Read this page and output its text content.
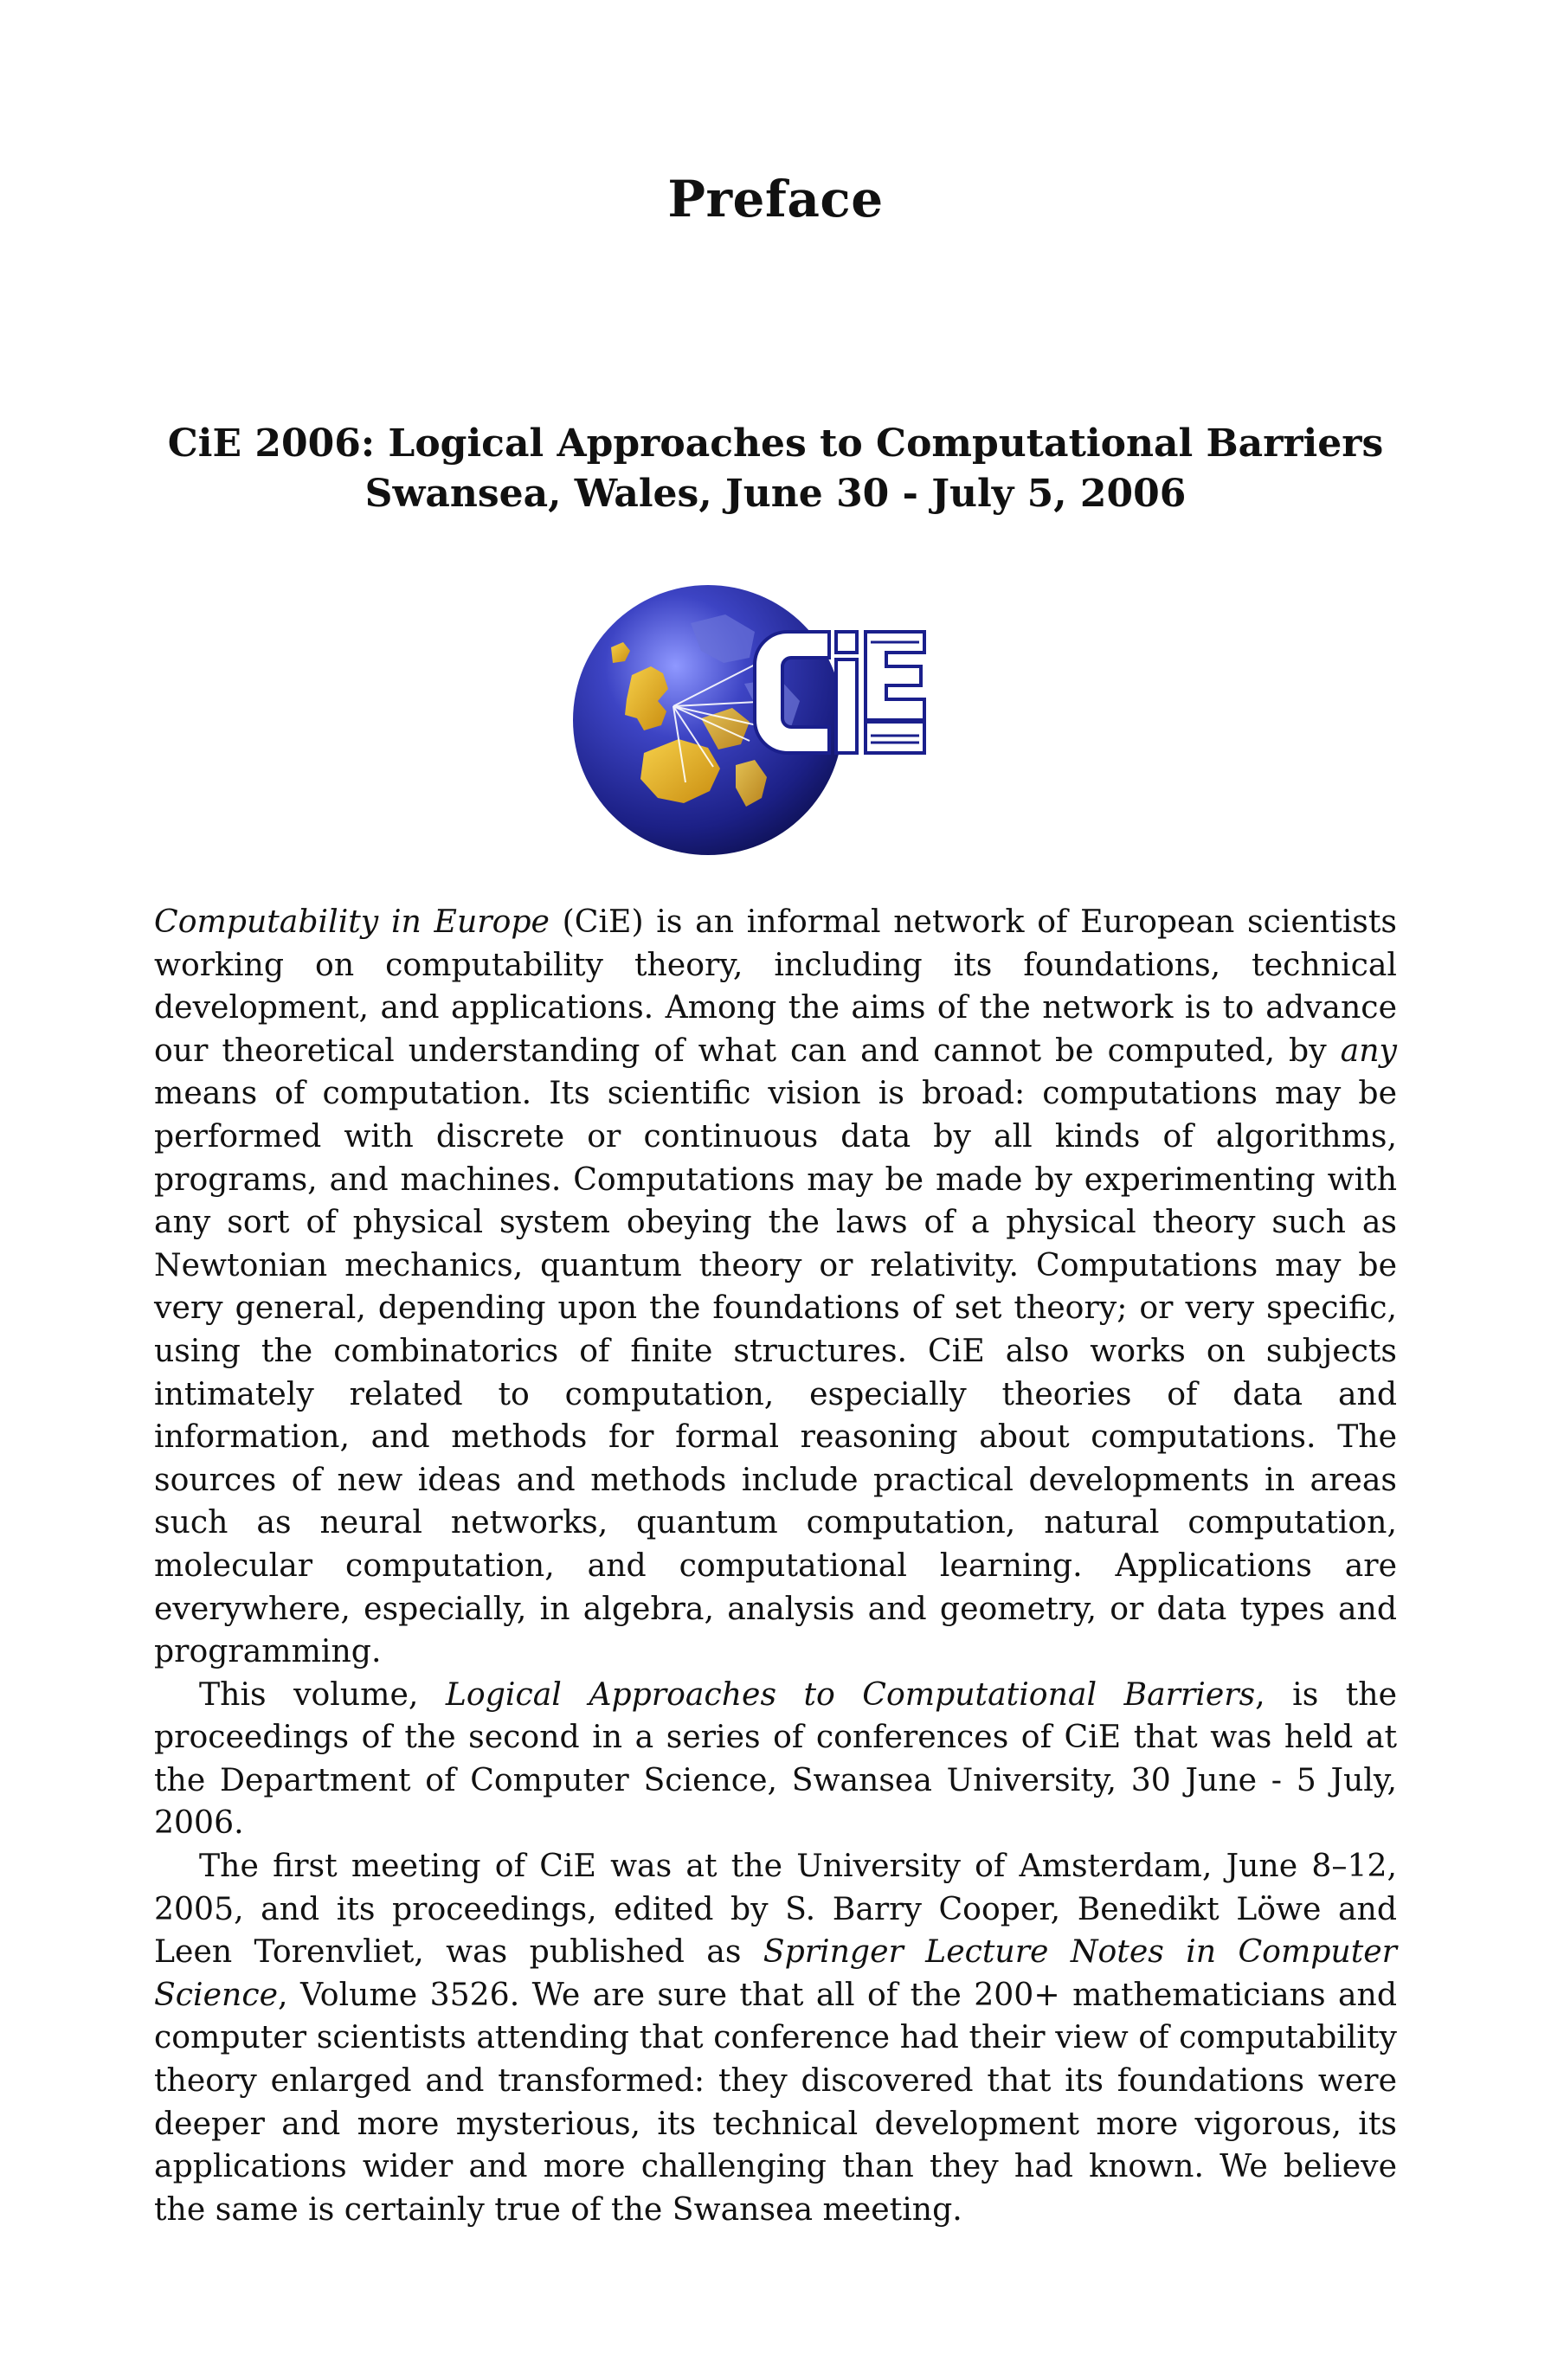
Preface
CiE 2006: Logical Approaches to Computational Barriers
Swansea, Wales, June 30 - July 5, 2006

Computability in Europe (CiE) is an informal network of European scientists working on computability theory, including its foundations, technical development, and applications. Among the aims of the network is to advance our theoretical understanding of what can and cannot be computed, by any means of computation. Its scientific vision is broad: computations may be performed with discrete or continuous data by all kinds of algorithms, programs, and machines. Computations may be made by experimenting with any sort of physical system obeying the laws of a physical theory such as Newtonian mechanics, quantum theory or relativity. Computations may be very general, depending upon the foundations of set theory; or very specific, using the combinatorics of finite structures. CiE also works on subjects intimately related to computation, especially theories of data and information, and methods for formal reasoning about computations. The sources of new ideas and methods include practical developments in areas such as neural networks, quantum computation, natural computation, molecular computation, and computational learning. Applications are everywhere, especially, in algebra, analysis and geometry, or data types and programming.

This volume, Logical Approaches to Computational Barriers, is the proceedings of the second in a series of conferences of CiE that was held at the Department of Computer Science, Swansea University, 30 June - 5 July, 2006.

The first meeting of CiE was at the University of Amsterdam, June 8–12, 2005, and its proceedings, edited by S. Barry Cooper, Benedikt Löwe and Leen Torenvliet, was published as Springer Lecture Notes in Computer Science, Volume 3526. We are sure that all of the 200+ mathematicians and computer scientists attending that conference had their view of computability theory enlarged and transformed: they discovered that its foundations were deeper and more mysterious, its technical development more vigorous, its applications wider and more challenging than they had known. We believe the same is certainly true of the Swansea meeting.
